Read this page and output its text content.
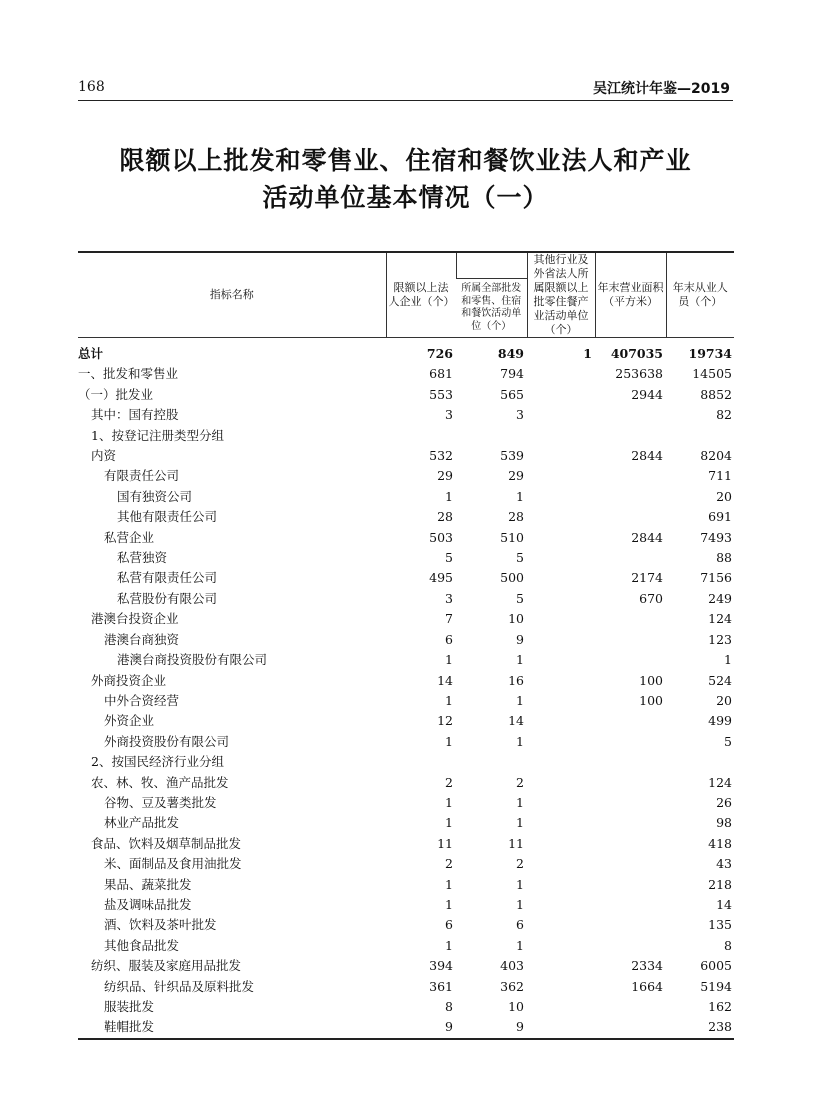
168	吴江统计年鉴—2019
限额以上批发和零售业、住宿和餐饮业法人和产业
活动单位基本情况（一）
指标名称	限额以上法人企业（个）		其他行业及外省法人所属限额以上批零住餐产业活动单位（个）	年末营业面积（平方米）	年末从业人员（个）
		所属全部批发和零售、住宿和餐饮活动单位（个）			
总计	726	849	1	407035	19734
一、批发和零售业	681	794		253638	14505
（一）批发业	553	565		2944	8852
其中：国有控股	3	3			82
1、按登记注册类型分组					
内资	532	539		2844	8204
有限责任公司	29	29			711
国有独资公司	1	1			20
其他有限责任公司	28	28			691
私营企业	503	510		2844	7493
私营独资	5	5			88
私营有限责任公司	495	500		2174	7156
私营股份有限公司	3	5		670	249
港澳台投资企业	7	10			124
港澳台商独资	6	9			123
港澳台商投资股份有限公司	1	1			1
外商投资企业	14	16		100	524
中外合资经营	1	1		100	20
外资企业	12	14			499
外商投资股份有限公司	1	1			5
2、按国民经济行业分组					
农、林、牧、渔产品批发	2	2			124
谷物、豆及薯类批发	1	1			26
林业产品批发	1	1			98
食品、饮料及烟草制品批发	11	11			418
米、面制品及食用油批发	2	2			43
果品、蔬菜批发	1	1			218
盐及调味品批发	1	1			14
酒、饮料及茶叶批发	6	6			135
其他食品批发	1	1			8
纺织、服装及家庭用品批发	394	403		2334	6005
纺织品、针织品及原料批发	361	362		1664	5194
服装批发	8	10			162
鞋帽批发	9	9			238
